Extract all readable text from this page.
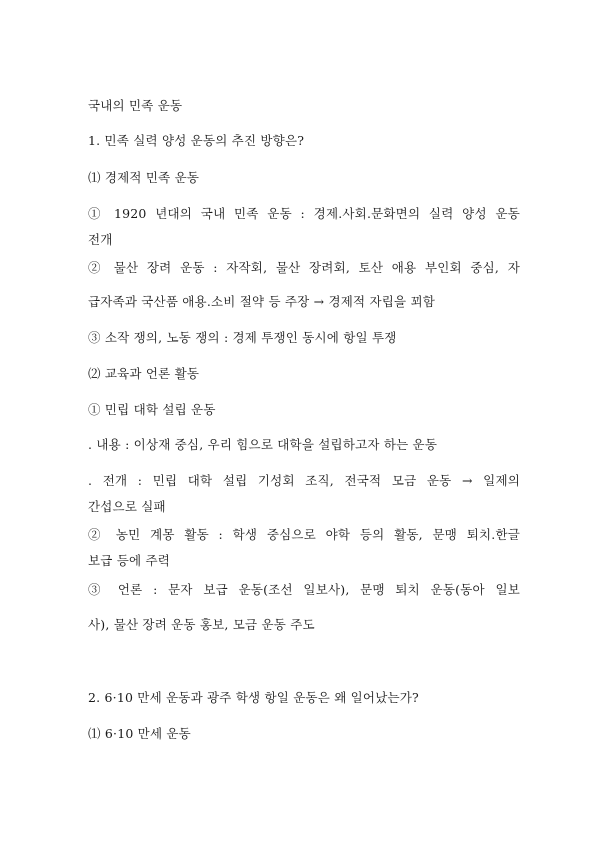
국내의 민족 운동
1. 민족 실력 양성 운동의 추진 방향은?
⑴ 경제적 민족 운동
① 1920 년대의 국내 민족 운동 : 경제.사회.문화면의 실력 양성 운동
전개
② 물산 장려 운동 : 자작회, 물산 장려회, 토산 애용 부인회 중심, 자
급자족과 국산품 애용.소비 절약 등 주장 → 경제적 자립을 꾀함
③ 소작 쟁의, 노동 쟁의 : 경제 투쟁인 동시에 항일 투쟁
⑵ 교육과 언론 활동
① 민립 대학 설립 운동
. 내용 : 이상재 중심, 우리 힘으로 대학을 설립하고자 하는 운동
. 전개 : 민립 대학 설립 기성회 조직, 전국적 모금 운동 → 일제의
간섭으로 실패
② 농민 계몽 활동 : 학생 중심으로 야학 등의 활동, 문맹 퇴치.한글
보급 등에 주력
③ 언론 : 문자 보급 운동(조선 일보사), 문맹 퇴치 운동(동아 일보
사), 물산 장려 운동 홍보, 모금 운동 주도
2. 6·10 만세 운동과 광주 학생 항일 운동은 왜 일어났는가?
⑴ 6·10 만세 운동
